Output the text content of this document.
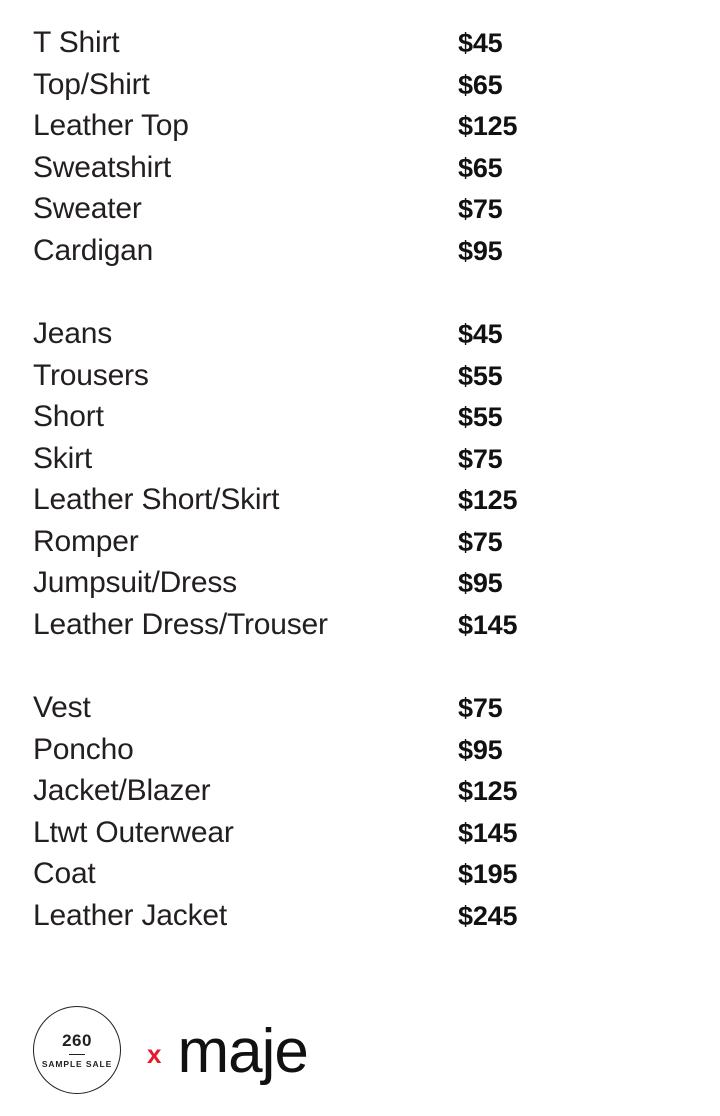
T Shirt	$45
Top/Shirt	$65
Leather Top	$125
Sweatshirt	$65
Sweater	$75
Cardigan	$95
Jeans	$45
Trousers	$55
Short	$55
Skirt	$75
Leather Short/Skirt	$125
Romper	$75
Jumpsuit/Dress	$95
Leather Dress/Trouser	$145
Vest	$75
Poncho	$95
Jacket/Blazer	$125
Ltwt Outerwear	$145
Coat	$195
Leather Jacket	$245
260
SAMPLE SALE x maje
